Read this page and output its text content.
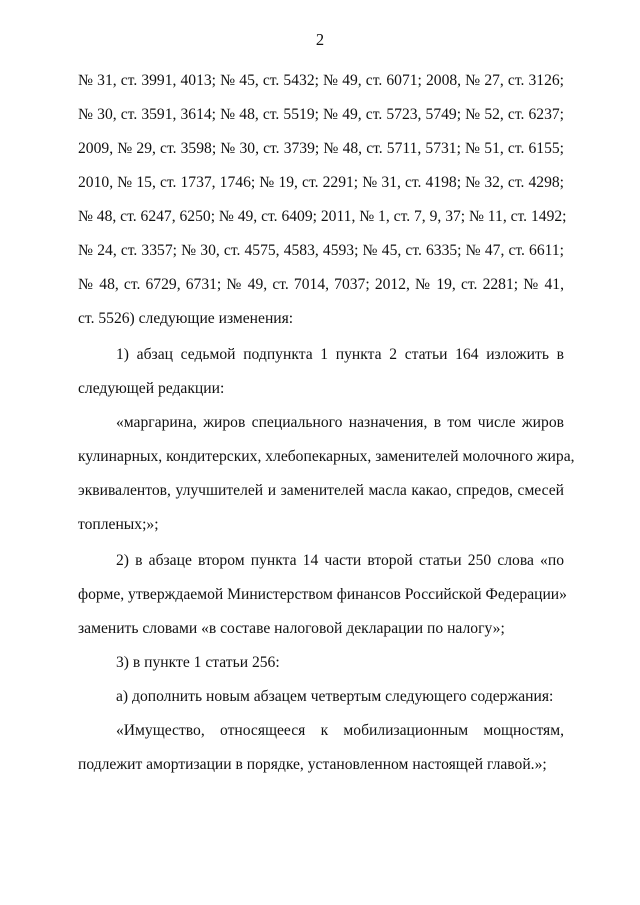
2
№ 31, ст. 3991, 4013; № 45, ст. 5432; № 49, ст. 6071; 2008, № 27, ст. 3126;
№ 30, ст. 3591, 3614; № 48, ст. 5519; № 49, ст. 5723, 5749; № 52, ст. 6237;
2009, № 29, ст. 3598; № 30, ст. 3739; № 48, ст. 5711, 5731; № 51, ст. 6155;
2010, № 15, ст. 1737, 1746; № 19, ст. 2291; № 31, ст. 4198; № 32, ст. 4298;
№ 48, ст. 6247, 6250; № 49, ст. 6409; 2011, № 1, ст. 7, 9, 37; № 11, ст. 1492;
№ 24, ст. 3357; № 30, ст. 4575, 4583, 4593; № 45, ст. 6335; № 47, ст. 6611;
№ 48, ст. 6729, 6731; № 49, ст. 7014, 7037; 2012, № 19, ст. 2281; № 41,
ст. 5526) следующие изменения:
1) абзац седьмой подпункта 1 пункта 2 статьи 164 изложить в
следующей редакции:
«маргарина, жиров специального назначения, в том числе жиров
кулинарных, кондитерских, хлебопекарных, заменителей молочного жира,
эквивалентов, улучшителей и заменителей масла какао, спредов, смесей
топленых;»;
2) в абзаце втором пункта 14 части второй статьи 250 слова «по
форме, утверждаемой Министерством финансов Российской Федерации»
заменить словами «в составе налоговой декларации по налогу»;
3) в пункте 1 статьи 256:
а) дополнить новым абзацем четвертым следующего содержания:
«Имущество, относящееся к мобилизационным мощностям,
подлежит амортизации в порядке, установленном настоящей главой.»;
